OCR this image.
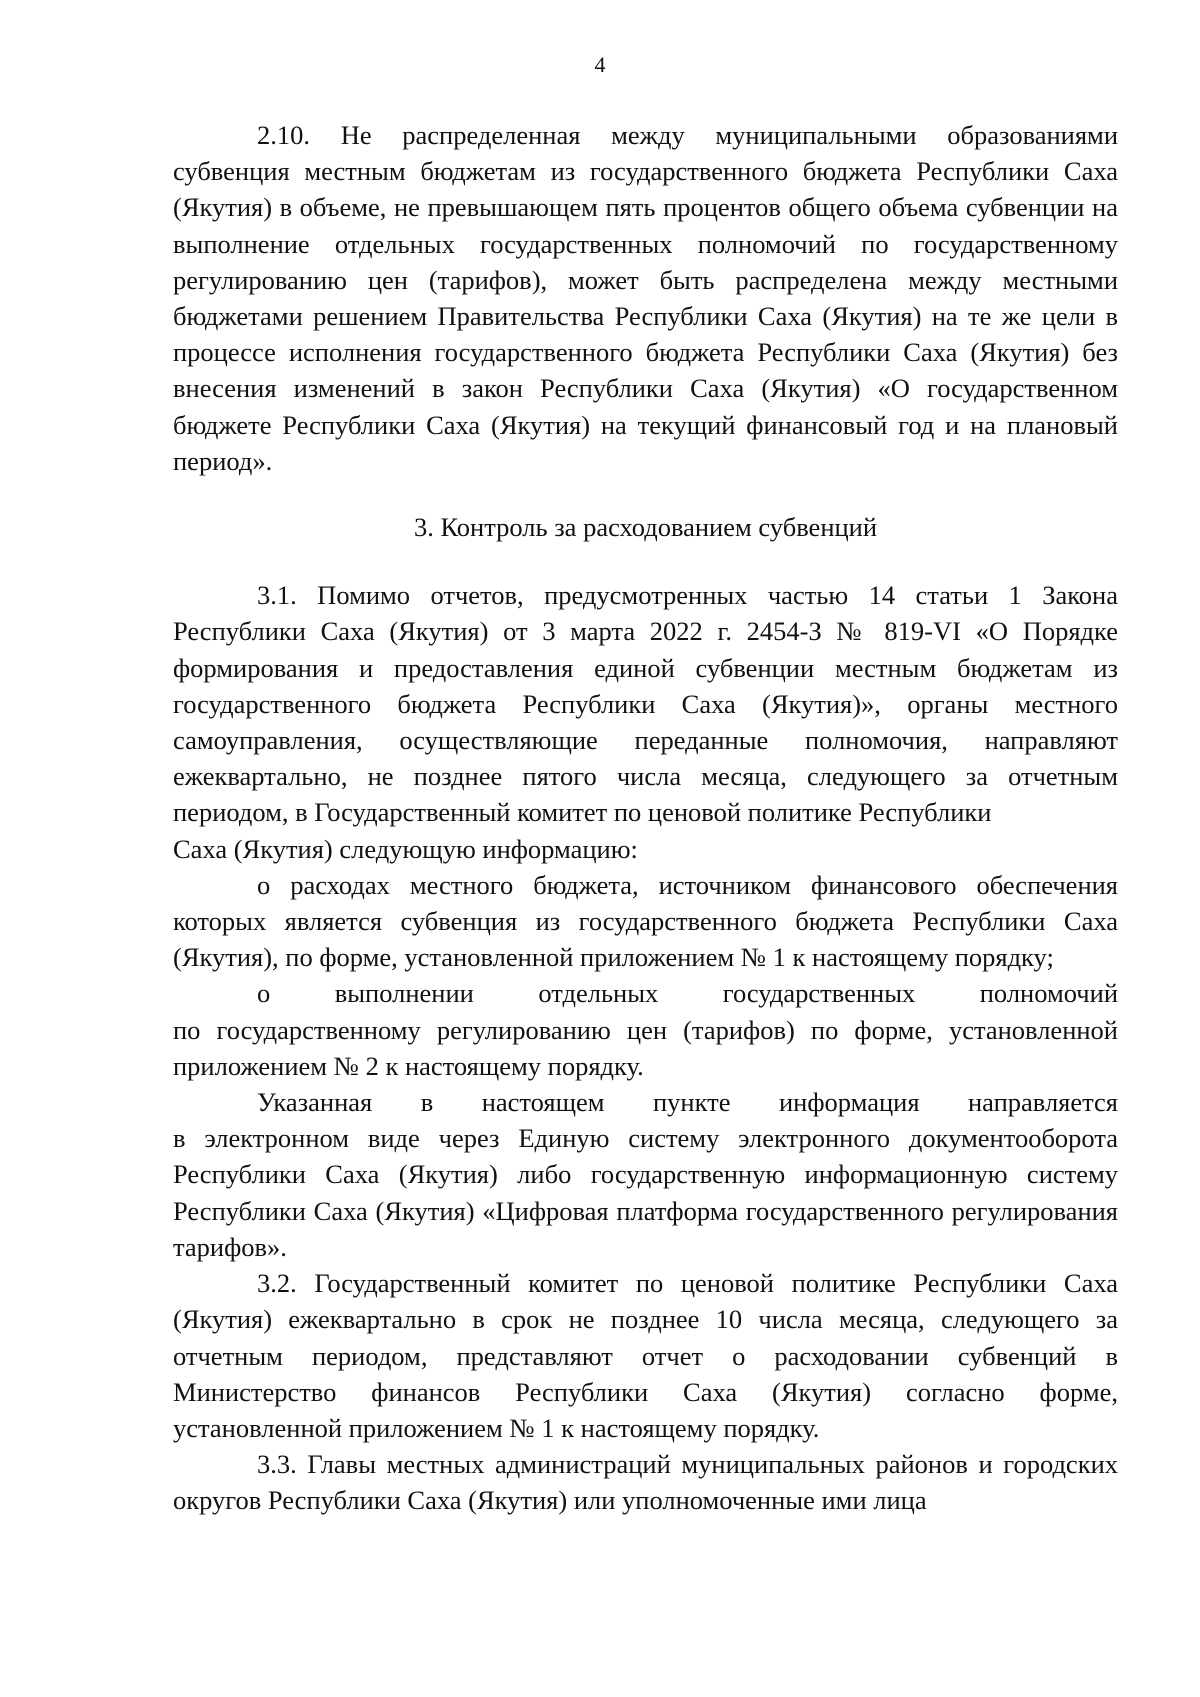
4

2.10. Не распределенная между муниципальными образованиями субвенция местным бюджетам из государственного бюджета Республики Саха (Якутия) в объеме, не превышающем пять процентов общего объема субвенции на выполнение отдельных государственных полномочий по государственному регулированию цен (тарифов), может быть распределена между местными бюджетами решением Правительства Республики Саха (Якутия) на те же цели в процессе исполнения государственного бюджета Республики Саха (Якутия) без внесения изменений в закон Республики Саха (Якутия) «О государственном бюджете Республики Саха (Якутия) на текущий финансовый год и на плановый период».

3. Контроль за расходованием субвенций

3.1. Помимо отчетов, предусмотренных частью 14 статьи 1 Закона Республики Саха (Якутия) от 3 марта 2022 г. 2454-З № 819-VI «О Порядке формирования и предоставления единой субвенции местным бюджетам из государственного бюджета Республики Саха (Якутия)», органы местного самоуправления, осуществляющие переданные полномочия, направляют ежеквартально, не позднее пятого числа месяца, следующего за отчетным периодом, в Государственный комитет по ценовой политике Республики

Саха (Якутия) следующую информацию:

о расходах местного бюджета, источником финансового обеспечения которых является субвенция из государственного бюджета Республики Саха (Якутия), по форме, установленной приложением № 1 к настоящему порядку;

о выполнении отдельных государственных полномочий

по государственному регулированию цен (тарифов) по форме, установленной приложением № 2 к настоящему порядку.

Указанная в настоящем пункте информация направляется

в электронном виде через Единую систему электронного документооборота Республики Саха (Якутия) либо государственную информационную систему Республики Саха (Якутия) «Цифровая платформа государственного регулирования тарифов».

3.2. Государственный комитет по ценовой политике Республики Саха (Якутия) ежеквартально в срок не позднее 10 числа месяца, следующего за отчетным периодом, представляют отчет о расходовании субвенций в Министерство финансов Республики Саха (Якутия) согласно форме, установленной приложением № 1 к настоящему порядку.

3.3. Главы местных администраций муниципальных районов и городских округов Республики Саха (Якутия) или уполномоченные ими лица
